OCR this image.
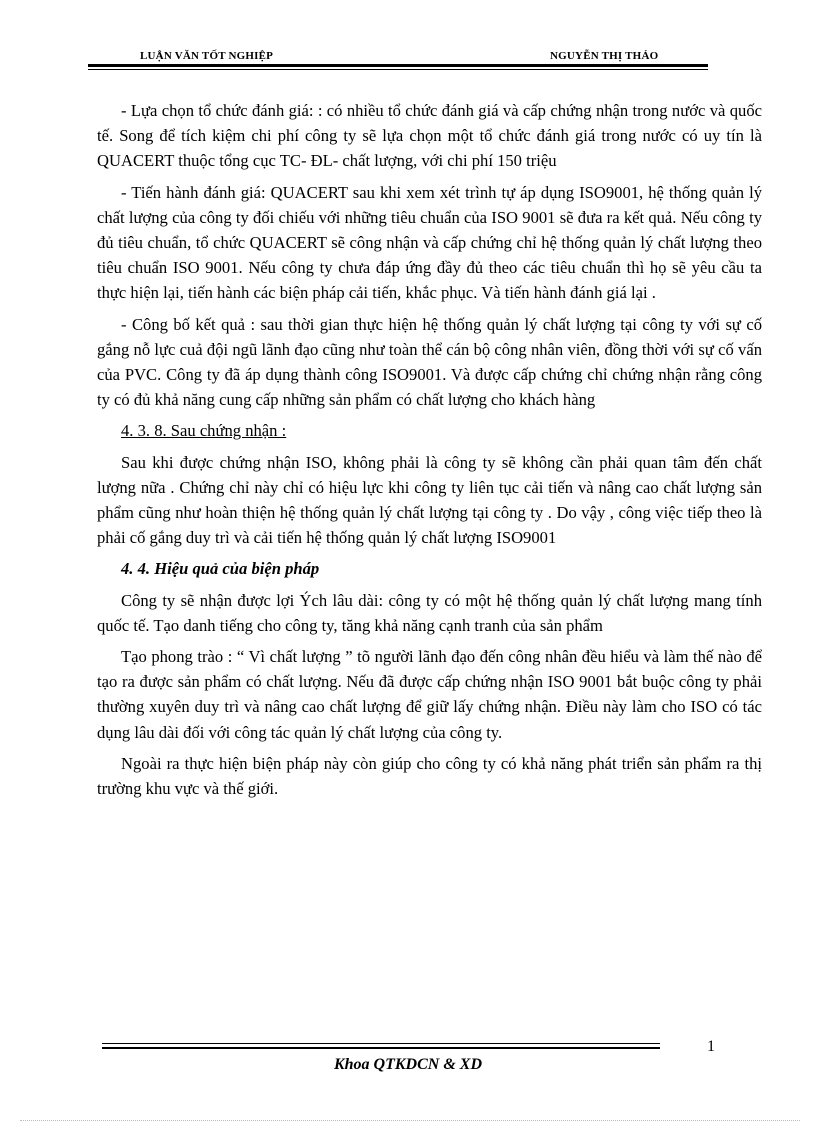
LUẬN VĂN TỐT NGHIỆP	NGUYỄN THỊ THẢO

- Lựa chọn tổ chức đánh giá: : có nhiều tổ chức đánh giá và cấp chứng nhận trong nước và quốc tế. Song để tích kiệm chi phí công ty sẽ lựa chọn một tổ chức đánh giá trong nước có uy tín là QUACERT thuộc tổng cục TC- ĐL- chất lượng, với chi phí 150 triệu

- Tiến hành đánh giá: QUACERT sau khi xem xét trình tự áp dụng ISO9001, hệ thống quản lý chất lượng của công ty đối chiếu với những tiêu chuẩn của ISO 9001 sẽ đưa ra kết quả. Nếu công ty đủ tiêu chuẩn, tổ chức QUACERT sẽ công nhận và cấp chứng chỉ hệ thống quản lý chất lượng theo tiêu chuẩn ISO 9001. Nếu công ty chưa đáp ứng đầy đủ theo các tiêu chuẩn thì họ sẽ yêu cầu ta thực hiện lại, tiến hành các biện pháp cải tiến, khắc phục. Và tiến hành đánh giá lại .

- Công bố kết quả : sau thời gian thực hiện hệ thống quản lý chất lượng tại công ty với sự cố gắng nỗ lực cuả đội ngũ lãnh đạo cũng như toàn thể cán bộ công nhân viên, đồng thời với sự cố vấn của PVC. Công ty đã áp dụng thành công ISO9001. Và được cấp chứng chỉ chứng nhận rằng công ty có đủ khả năng cung cấp những sản phẩm có chất lượng cho khách hàng

4. 3. 8. Sau chứng nhận :

Sau khi được chứng nhận ISO, không phải là công ty sẽ không cần phải quan tâm đến chất lượng nữa . Chứng chỉ này chỉ có hiệu lực khi công ty liên tục cải tiến và nâng cao chất lượng sản phẩm cũng như hoàn thiện hệ thống quản lý chất lượng tại công ty . Do vậy , công việc tiếp theo là phải cố gắng duy trì và cải tiến hệ thống quản lý chất lượng ISO9001

4. 4. Hiệu quả của biện pháp

Công ty sẽ nhận được lợi Ých lâu dài: công ty có một hệ thống quản lý chất lượng mang tính quốc tế. Tạo danh tiếng cho công ty, tăng khả năng cạnh tranh của sản phẩm

Tạo phong trào : “ Vì chất lượng ” tõ người lãnh đạo đến công nhân đều hiểu và làm thế nào để tạo ra được sản phẩm có chất lượng. Nếu đã được cấp chứng nhận ISO 9001 bắt buộc công ty phải thường xuyên duy trì và nâng cao chất lượng để giữ lấy chứng nhận. Điều này làm cho ISO có tác dụng lâu dài đối với công tác quản lý chất lượng của công ty.

Ngoài ra thực hiện biện pháp này còn giúp cho công ty có khả năng phát triển sản phẩm ra thị trường khu vực và thế giới.

1
Khoa QTKDCN & XD
